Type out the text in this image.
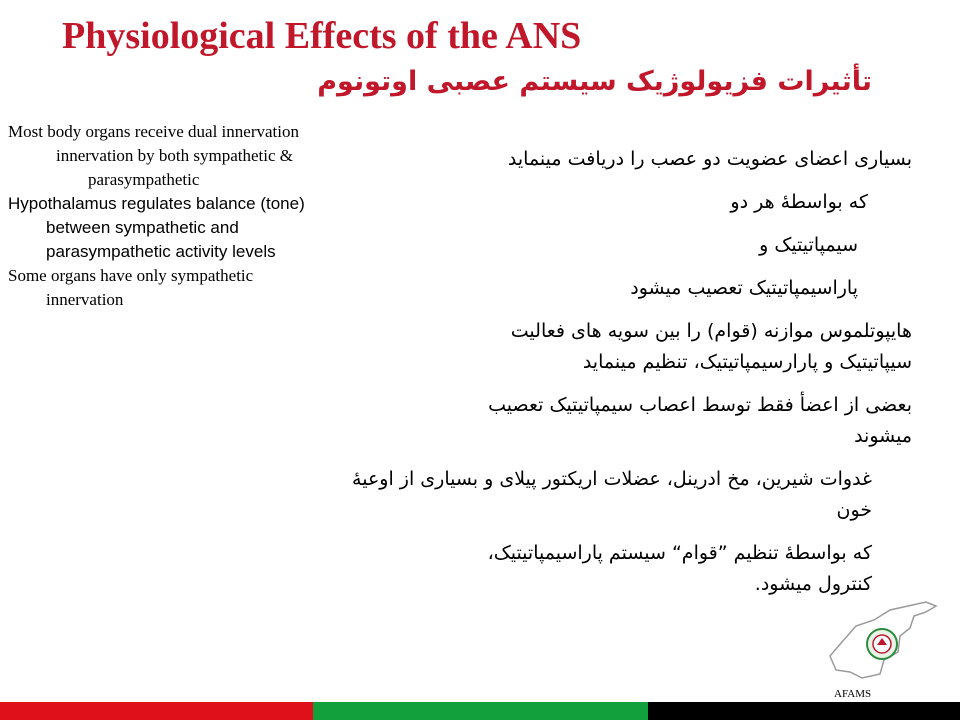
Physiological Effects of the ANS
تأثیرات فزیولوژیک سیستم عصبی اوتونوم

Most body organs receive dual innervation

innervation by both sympathetic & parasympathetic

Hypothalamus regulates balance (tone) between sympathetic and parasympathetic activity levels

Some organs have only sympathetic innervation

بسیاری اعضای عضویت دو عصب را دریافت مینماید

که بواسطهٔ هر دو

سیمپاتیتیک و

پاراسیمپاتیتیک تعصیب میشود

هایپوتلموس موازنه (قوام) را بین سویه های فعالیت سیپاتیتیک و پارارسیمپاتیتیک، تنظیم مینماید

بعضی از اعضأ فقط توسط اعصاب سیمپاتیتیک تعصیب میشوند

غدوات شیرین، مخ ادرینل، عضلات اریکتور پیلای و بسیاری از اوعیهٔ خون

که بواسطهٔ تنظیم ”قوام“ سیستم پاراسیمپاتیتیک، کنترول میشود.

AFAMS
